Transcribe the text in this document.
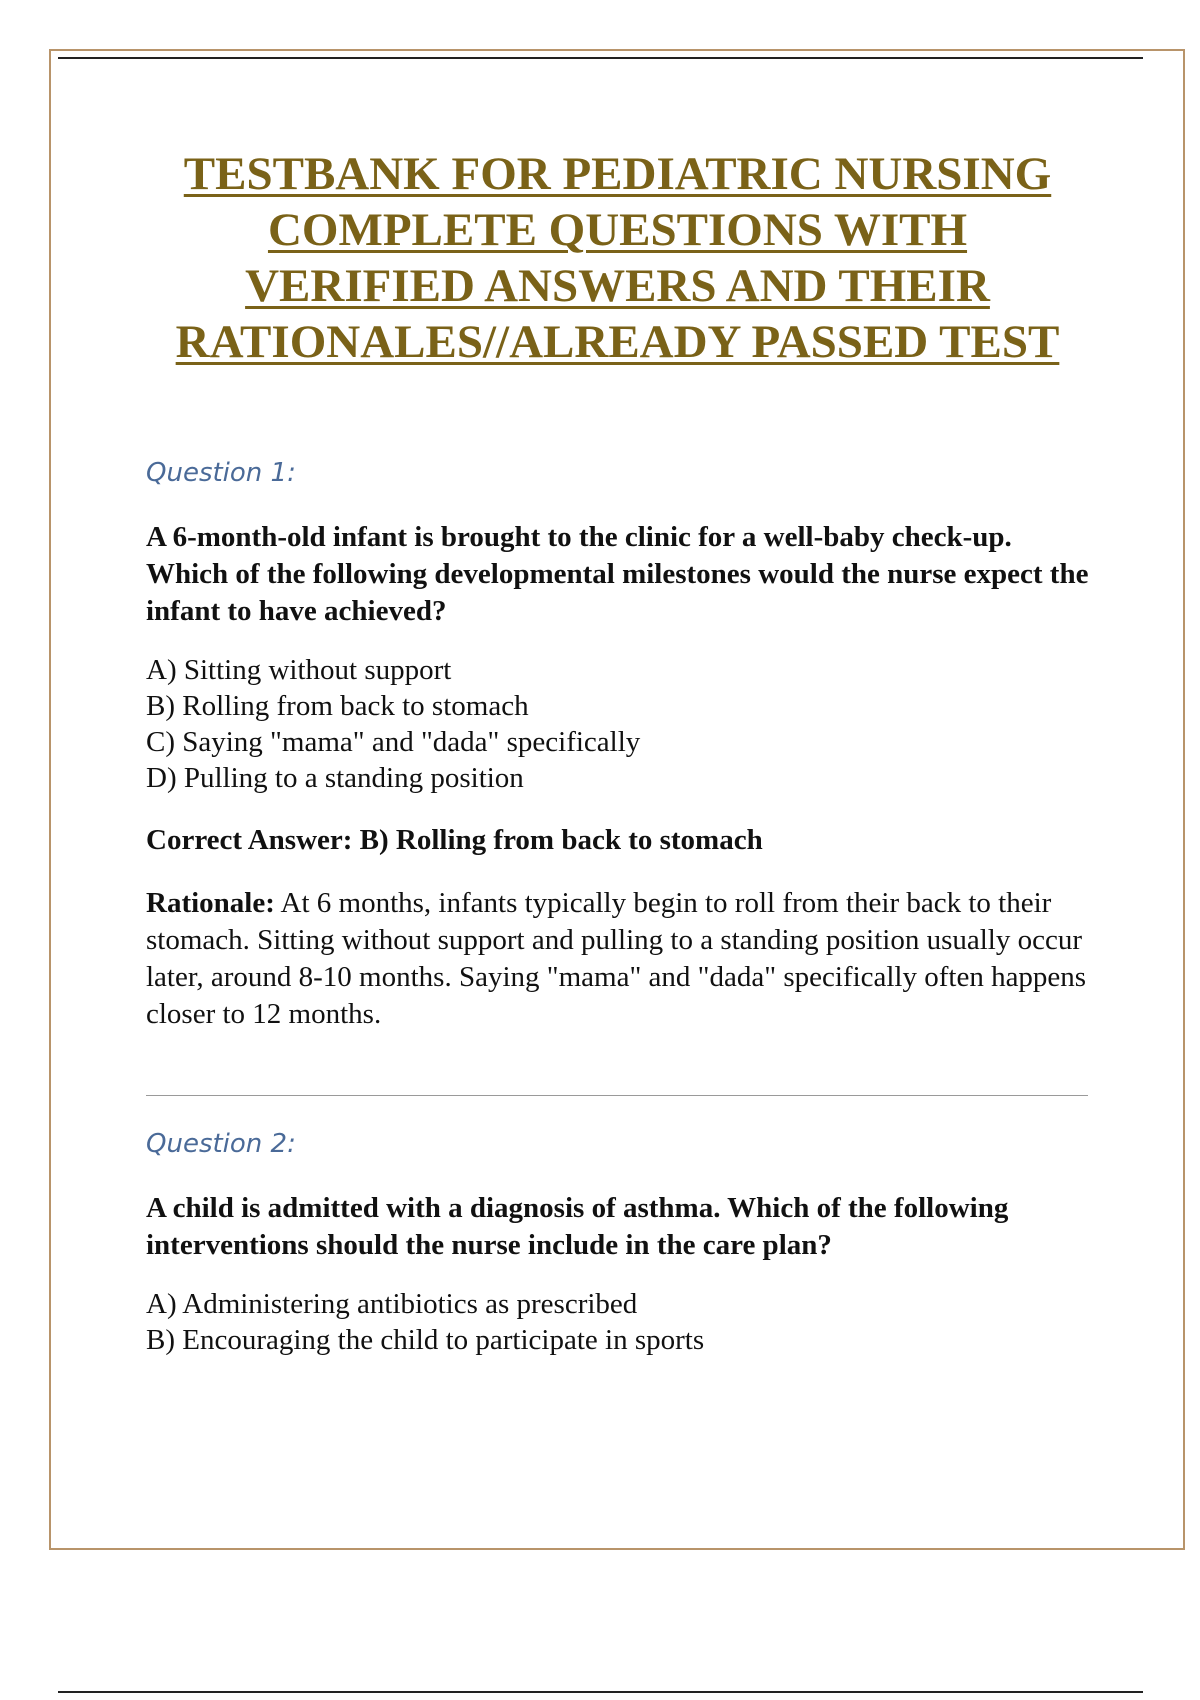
TESTBANK FOR PEDIATRIC NURSING
COMPLETE QUESTIONS WITH
VERIFIED ANSWERS AND THEIR
RATIONALES//ALREADY PASSED TEST

Question 1:

A 6-month-old infant is brought to the clinic for a well-baby check-up. Which of the following developmental milestones would the nurse expect the infant to have achieved?

A) Sitting without support
B) Rolling from back to stomach
C) Saying "mama" and "dada" specifically
D) Pulling to a standing position

Correct Answer: B) Rolling from back to stomach

Rationale: At 6 months, infants typically begin to roll from their back to their stomach. Sitting without support and pulling to a standing position usually occur later, around 8-10 months. Saying "mama" and "dada" specifically often happens closer to 12 months.

Question 2:

A child is admitted with a diagnosis of asthma. Which of the following interventions should the nurse include in the care plan?

A) Administering antibiotics as prescribed
B) Encouraging the child to participate in sports
